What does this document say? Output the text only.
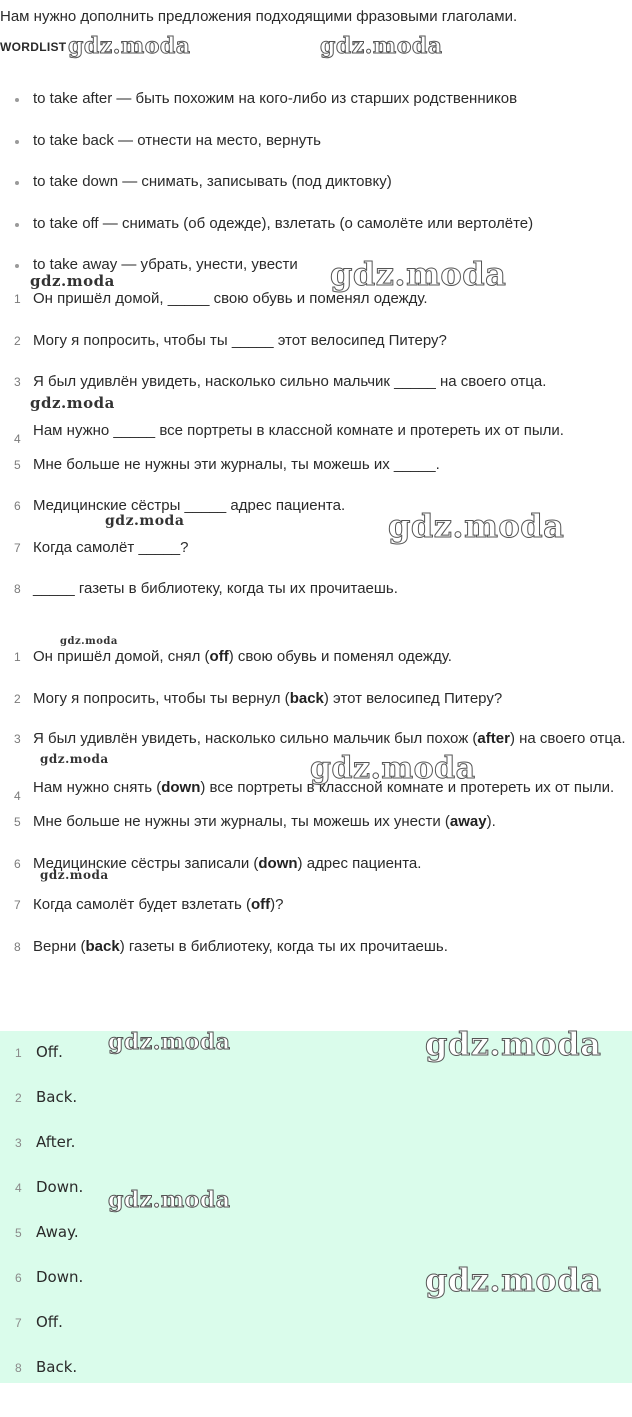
Нам нужно дополнить предложения подходящими фразовыми глаголами.
WORDLIST
to take after — быть похожим на кого-либо из старших родственников
to take back — отнести на место, вернуть
to take down — снимать, записывать (под диктовку)
to take off — снимать (об одежде), взлетать (о самолёте или вертолёте)
to take away — убрать, унести, увести
1 Он пришёл домой, _____ свою обувь и поменял одежду.
2 Могу я попросить, чтобы ты _____ этот велосипед Питеру?
3 Я был удивлён увидеть, насколько сильно мальчик _____ на своего отца.
4 Нам нужно _____ все портреты в классной комнате и протереть их от пыли.
5 Мне больше не нужны эти журналы, ты можешь их _____.
6 Медицинские сёстры _____ адрес пациента.
7 Когда самолёт _____?
8 _____ газеты в библиотеку, когда ты их прочитаешь.
1 Он пришёл домой, снял (off) свою обувь и поменял одежду.
2 Могу я попросить, чтобы ты вернул (back) этот велосипед Питеру?
3 Я был удивлён увидеть, насколько сильно мальчик был похож (after) на своего отца.
4 Нам нужно снять (down) все портреты в классной комнате и протереть их от пыли.
5 Мне больше не нужны эти журналы, ты можешь их унести (away).
6 Медицинские сёстры записали (down) адрес пациента.
7 Когда самолёт будет взлетать (off)?
8 Верни (back) газеты в библиотеку, когда ты их прочитаешь.
1 Off.
2 Back.
3 After.
4 Down.
5 Away.
6 Down.
7 Off.
8 Back.
gdz.moda	gdz.moda
gdz.moda
gdz.moda
gdz.moda
gdz.moda	gdz.moda
gdz.moda
gdz.moda	gdz.moda
gdz.moda
gdz.moda	gdz.moda
gdz.moda
gdz.moda
